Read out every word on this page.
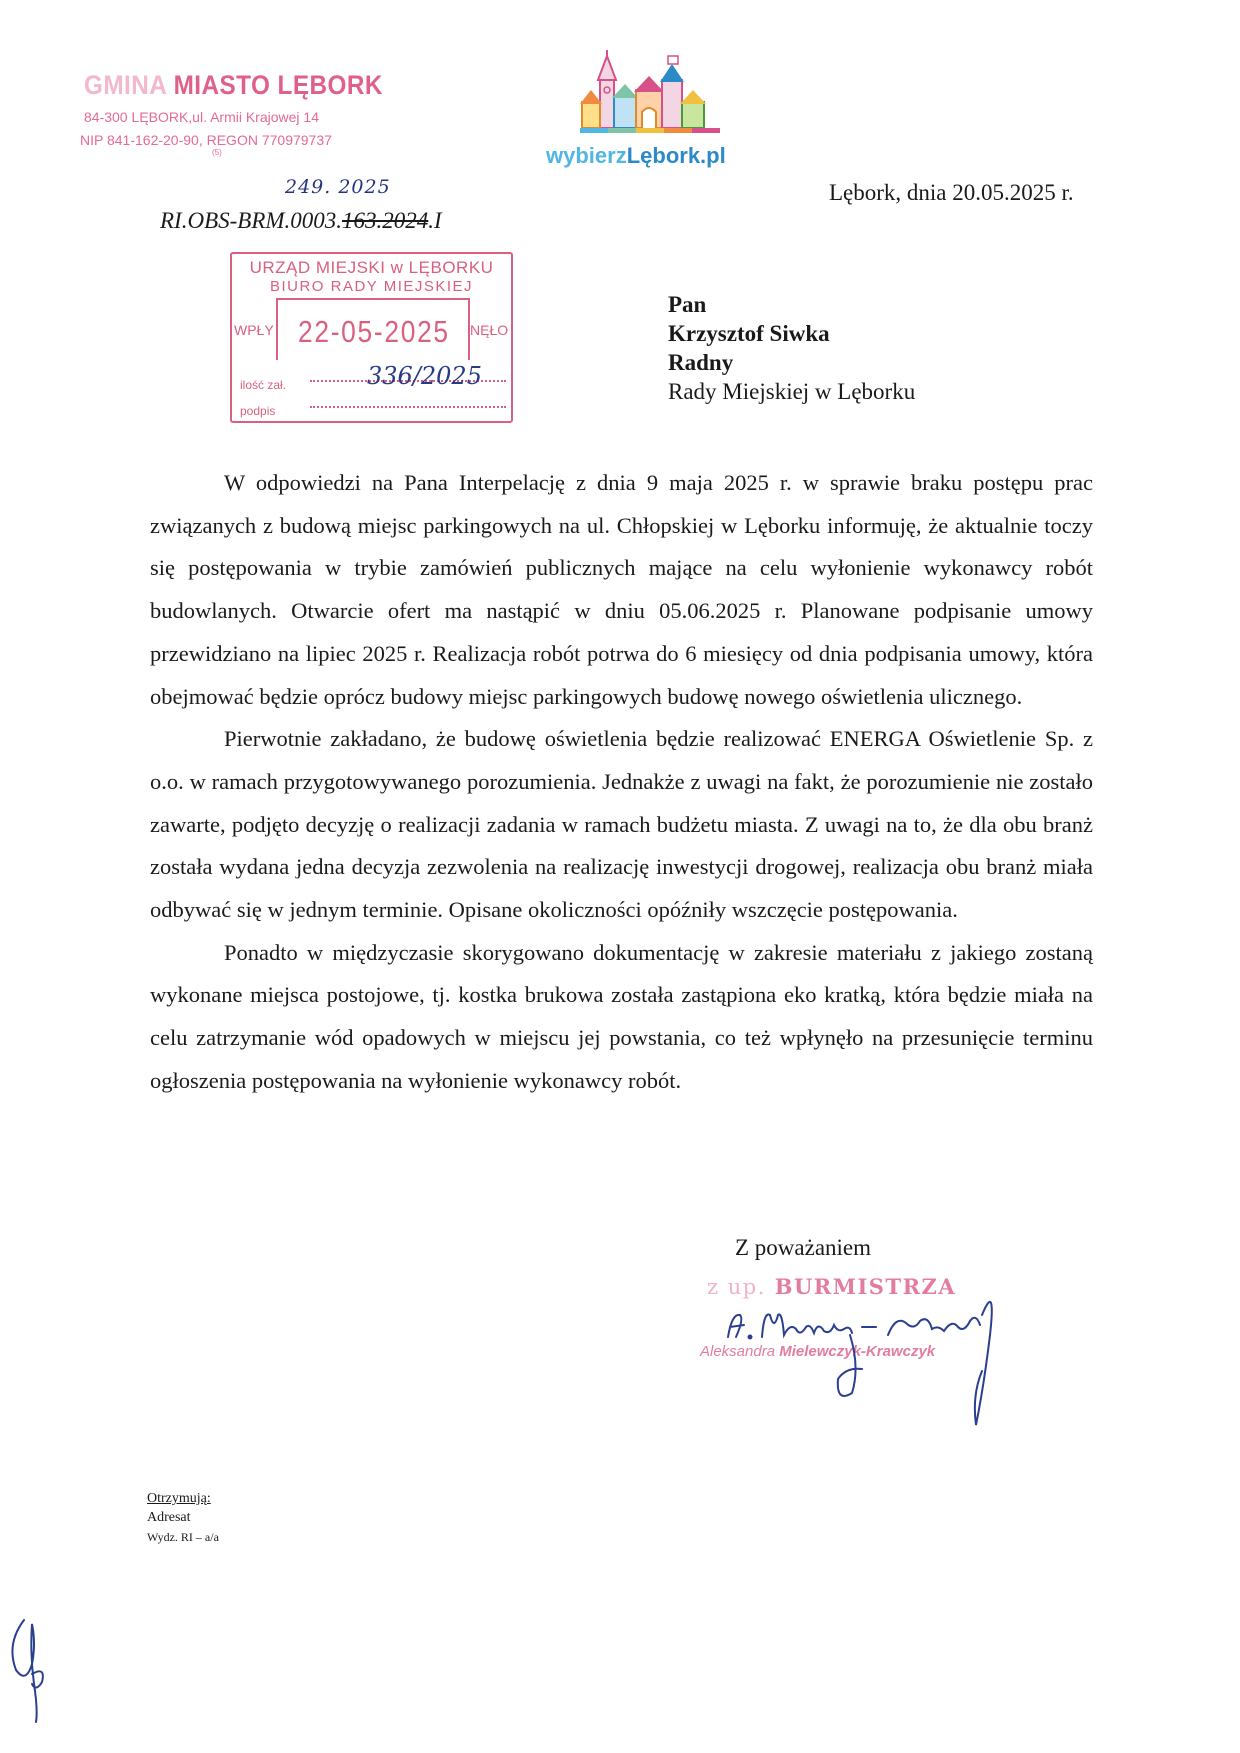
GMINA MIASTO LĘBORK
84-300 LĘBORK,ul. Armii Krajowej 14
NIP 841-162-20-90, REGON 770979737
(5)	wybierzLębork.pl
249. 2025
RI.OBS-BRM.0003.163.2024.I
Lębork, dnia 20.05.2025 r.
URZĄD MIEJSKI w LĘBORKU
BIURO RADY MIEJSKIEJ
WPŁY	NĘŁO
22-05-2025
ilość zał.
podpis
336/2025
Pan
Krzysztof Siwka
Radny
Rady Miejskiej w Lęborku

W odpowiedzi na Pana Interpelację z dnia 9 maja 2025 r. w sprawie braku postępu prac związanych z budową miejsc parkingowych na ul. Chłopskiej w Lęborku informuję, że aktualnie toczy się postępowania w trybie zamówień publicznych mające na celu wyłonienie wykonawcy robót budowlanych. Otwarcie ofert ma nastąpić w dniu 05.06.2025 r. Planowane podpisanie umowy przewidziano na lipiec 2025 r. Realizacja robót potrwa do 6 miesięcy od dnia podpisania umowy, która obejmować będzie oprócz budowy miejsc parkingowych budowę nowego oświetlenia ulicznego.

Pierwotnie zakładano, że budowę oświetlenia będzie realizować ENERGA Oświetlenie Sp. z o.o. w ramach przygotowywanego porozumienia. Jednakże z uwagi na fakt, że porozumienie nie zostało zawarte, podjęto decyzję o realizacji zadania w ramach budżetu miasta. Z uwagi na to, że dla obu branż została wydana jedna decyzja zezwolenia na realizację inwestycji drogowej, realizacja obu branż miała odbywać się w jednym terminie. Opisane okoliczności opóźniły wszczęcie postępowania.

Ponadto w międzyczasie skorygowano dokumentację w zakresie materiału z jakiego zostaną wykonane miejsca postojowe, tj. kostka brukowa została zastąpiona eko kratką, która będzie miała na celu zatrzymanie wód opadowych w miejscu jej powstania, co też wpłynęło na przesunięcie terminu ogłoszenia postępowania na wyłonienie wykonawcy robót.

Z poważaniem
z up. BURMISTRZA
Aleksandra Mielewczyk-Krawczyk
Otrzymują:
Adresat
Wydz. RI – a/a
